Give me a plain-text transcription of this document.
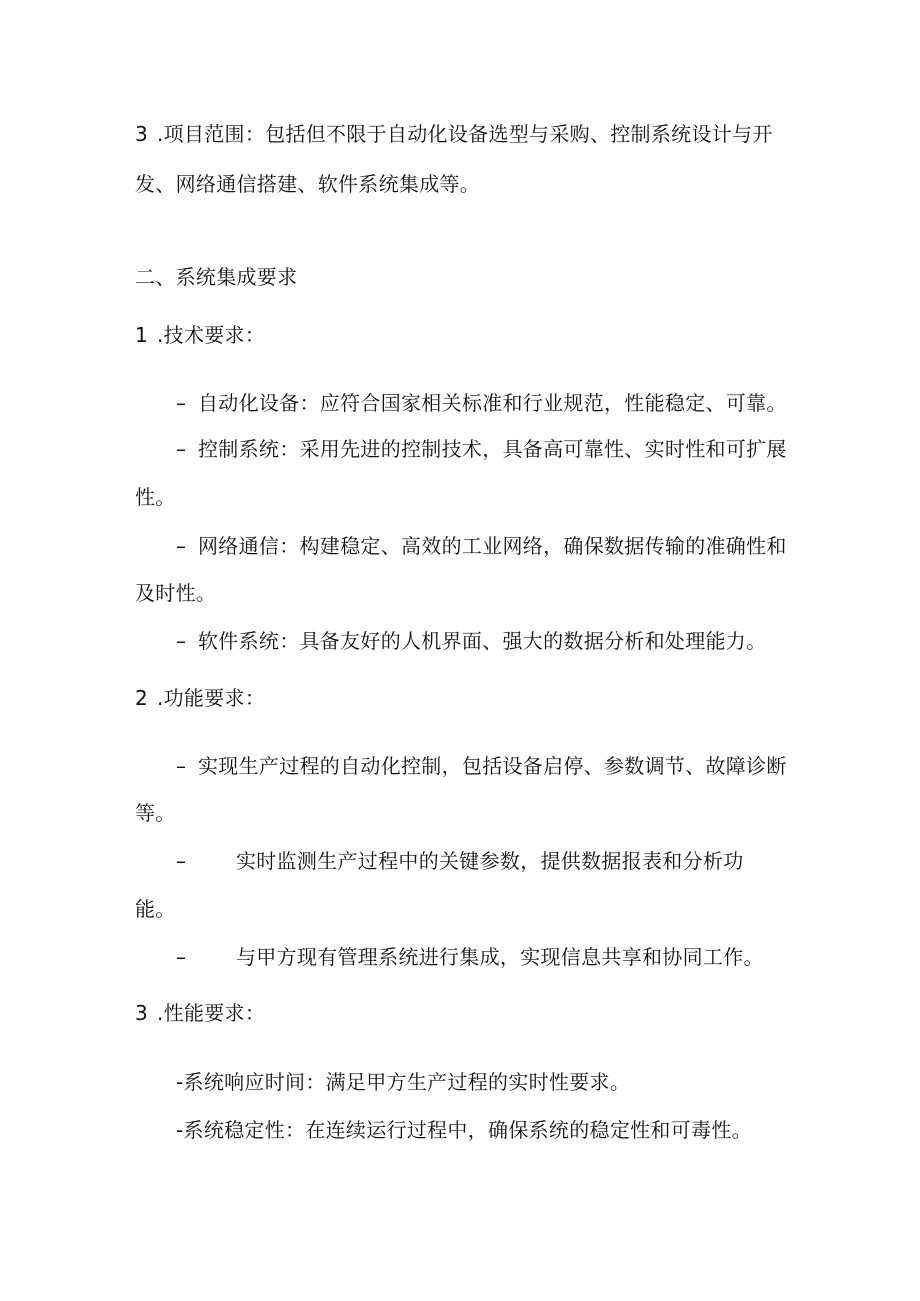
3 .项目范围：包括但不限于自动化设备选型与采购、控制系统设计与开
发、网络通信搭建、软件系统集成等。
二、系统集成要求
1 .技术要求：
– 自动化设备：应符合国家相关标准和行业规范，性能稳定、可靠。
– 控制系统：采用先进的控制技术，具备高可靠性、实时性和可扩展
性。
– 网络通信：构建稳定、高效的工业网络，确保数据传输的准确性和
及时性。
– 软件系统：具备友好的人机界面、强大的数据分析和处理能力。
2 .功能要求：
– 实现生产过程的自动化控制，包括设备启停、参数调节、故障诊断
等。
– 实时监测生产过程中的关键参数，提供数据报表和分析功
能。
– 与甲方现有管理系统进行集成，实现信息共享和协同工作。
3 .性能要求：
-系统响应时间：满足甲方生产过程的实时性要求。
-系统稳定性：在连续运行过程中，确保系统的稳定性和可毒性。
